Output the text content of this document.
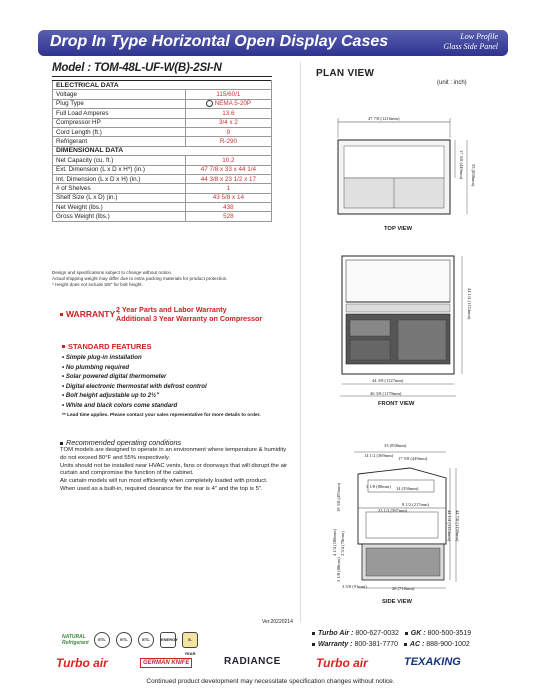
Drop In Type Horizontal Open Display Cases	Low Profile
Glass Side Panel
Model : TOM-48L-UF-W(B)-2SI-N
ELECTRICAL DATA	
Voltage	115/60/1
Plug Type	NEMA 5-20P
Full Load Amperes	13.6
Compressor HP	3/4 x 2
Cord Length (ft.)	9
Refrigerant	R-290
DIMENSIONAL DATA	
Net Capacity (cu. ft.)	10.2
Ext. Dimension (L x D x H*) (in.)	47 7/8 x 33 x 44 1/4
Int. Dimension (L x D x H) (in.)	44 3/8 x 23 1/2 x 17
# of Shelves	1
Shelf Size (L x D) (in.)	43 5/8 x 14
Net Weight (lbs.)	438
Gross Weight (lbs.)	528
Design and specifications subject to change without notice.
Actual shipping weight may differ due to extra packing materials for product protection.
* Height does not include 5/8" for bolt height.
WARRANTY :
2 Year Parts and Labor Warranty
Additional 3 Year Warranty on Compressor
STANDARD FEATURES
• Simple plug-in installation
• No plumbing required
• Solar powered digital thermometer
• Digital electronic thermostat with defrost control
• Bolt height adjustable up to 2½"
• White and black colors come standard
** Lead time applies. Please contact your sales representative for more details to order.
Recommended operating conditions

TOM models are designed to operate in an environment where temperature & humidity do not exceed 80°F and 55% respectively.

Units should not be installed near HVAC vents, fans or doorways that will disrupt the air curtain and compromise the function of the cabinet.

Air curtain models will run most efficiently when completely loaded with product.

When used as a built-in, required clearance for the rear is 4" and the top is 5".

PLAN VIEW
(unit : inch)
47 7/8 (1216mm)
17 5/8 (449mm) 33 (838mm)
TOP VIEW
44 1/4 (1124mm)
44 3/8 (1127mm)
46 3/8 (1179mm)
FRONT VIEW
33 (838mm)
14 1/2 (369mm)
17 5/8 (449mm)
3 1/8 (80mm) 14 (356mm)
19 3/8 (493mm)	23 1/2 (597mm)
8 1/2 (217mm)
4 1/4 (108mm) 2 3/4 (70mm)
3 1/8 (80mm)
3 5/8 (91mm)	28 (710mm)
44 1/4 (1124mm) 44 7/8 (1139mm)
SIDE VIEW
Ver.20220214
Turbo Air : 800-627-0032 GK : 800-500-3519
Warranty : 800-381-7770 AC : 888-900-1002
NATURAL Refrigerant
ETL	ETL	ETL	ENERGY	5-YEAR
Turbo air	GERMAN KNIFE	RADIANCE	Turbo air	TEXAKING
Continued product development may necessitate specification changes without notice.
